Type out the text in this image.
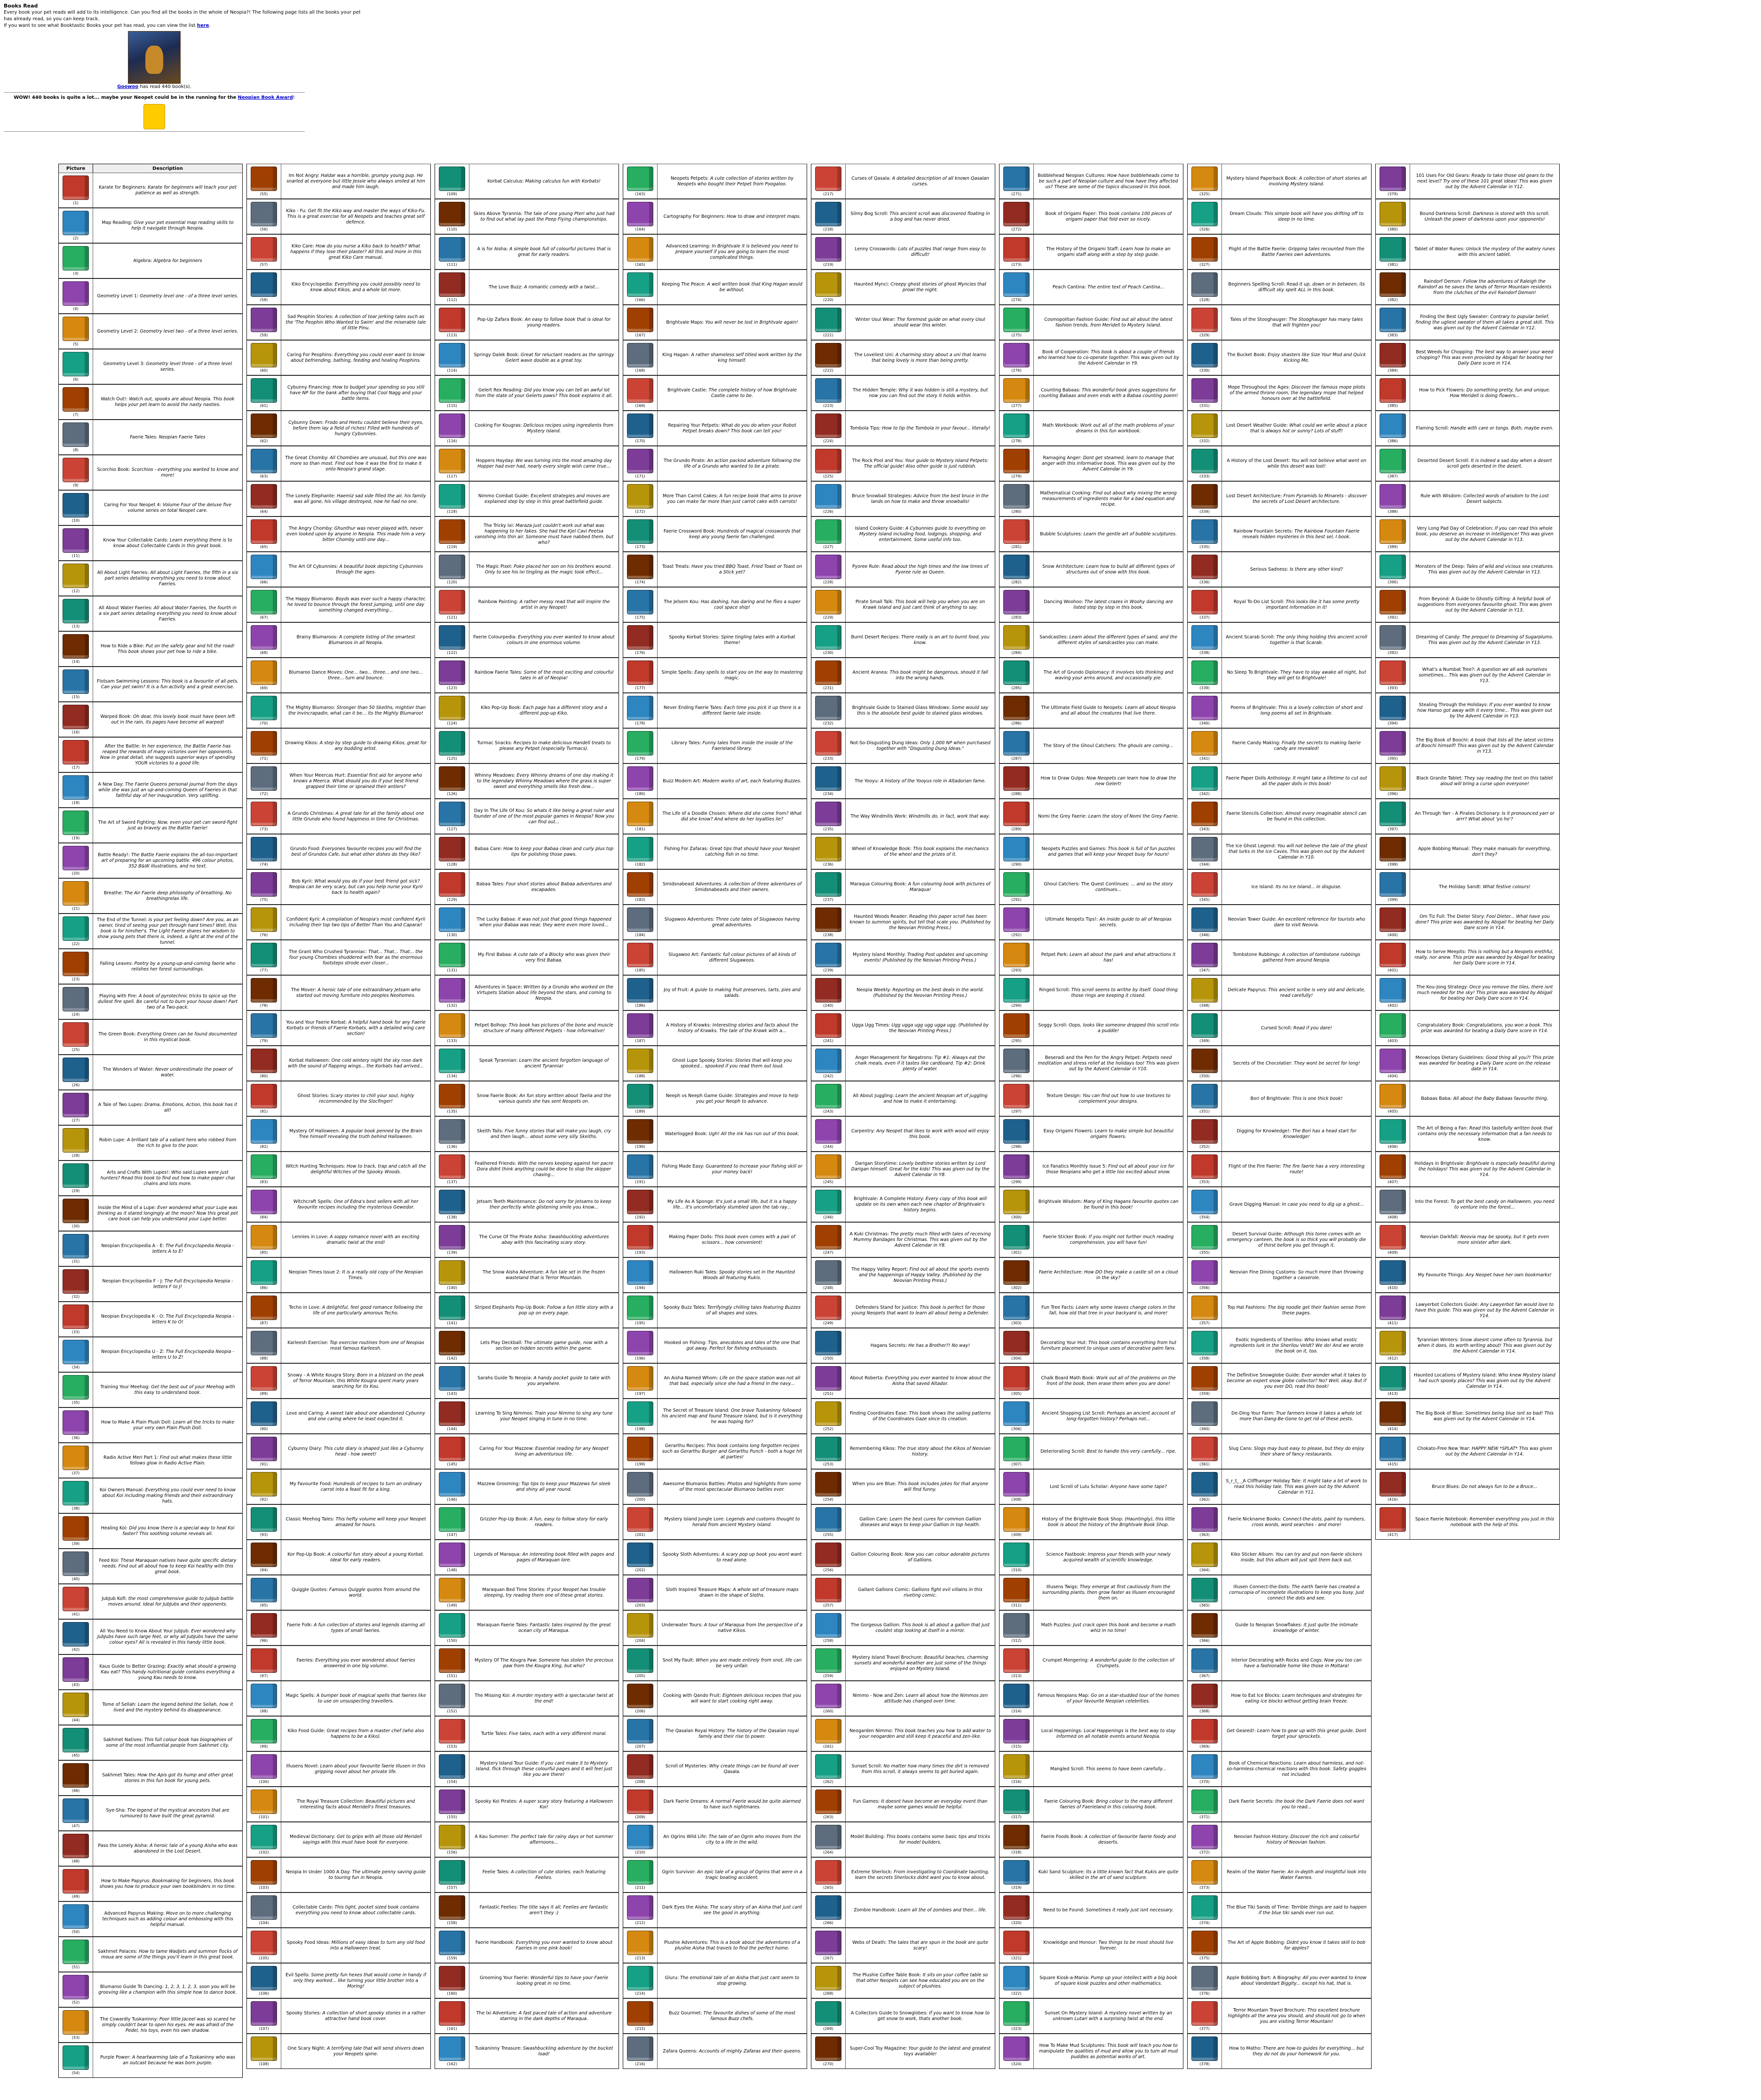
Books Read
Every book your pet reads will add to its intelligence. Can you find all the books in the whole of Neopia?! The following page lists all the books your pet has already read, so you can keep track.
If you want to see what Booktastic Books your pet has read, you can view the list here.
Goowoo has read 440 book(s).
WOW! 440 books is quite a lot... maybe your Neopet could be in the running for the Neopian Book Award!
Picture	Description
(1)
Karate for Beginners: Karate for beginners will teach your pet patience as well as strength.
(2)
Map Reading: Give your pet essential map reading skills to help it navigate through Neopia.
(3)
Algebra: Algebra for beginners
(4)
Geometry Level 1: Geometry level one - of a three level series.
(5)
Geometry Level 2: Geometry level two - of a three level series.
(6)
Geometry Level 3: Geometry level three - of a three level series.
(7)
Watch Out!: Watch out, spooks are about Neopia. This book helps your pet learn to avoid the nasty nasties.
(8)
Faerie Tales: Neopian Faerie Tales
(9)
Scorchio Book: Scorchios - everything you wanted to know and more!
(10)
Caring For Your Neopet 4: Volume Four of the deluxe five volume series on total Neopet care.
(11)
Know Your Collectable Cards: Learn everything there is to know about Collectable Cards in this great book.
(12)
All About Light Faeries: All about Light Faeries, the fifth in a six part series detailing everything you need to know about Faeries.
(13)
All About Water Faeries: All about Water Faeries, the fourth in a six part series detailing everything you need to know about Faeries.
(14)
How to Ride a Bike: Put on the safety gear and hit the road! This book shows your pet how to ride a bike.
(15)
Flotsam Swimming Lessons: This book is a favourite of all pets. Can your pet swim? It is a fun activity and a great exercise.
(16)
Warped Book: Oh dear, this lovely book must have been left out in the rain, its pages have become all warped!
(17)
After the Battle: In her experience, the Battle Faerie has reaped the rewards of many victories over her opponents. Now in great detail, she suggests superior ways of spending YOUR victories to a good life.
(18)
A New Day: The Faerie Queens personal journal from the days while she was just an up-and-coming Queen of Faeries in that faithful day of her inauguration. Very uplifting.
(19)
The Art of Sword Fighting: Now, even your pet can sword-fight just as bravely as the Battle Faerie!
(20)
Battle Ready!: The Battle Faerie explains the all-too-important art of preparing for an upcoming battle. 496 colour photos, 352 B&W illustrations, and no text.
(21)
Breathe: The Air Faerie deep philosophy of breathing. No breathingrelax life.
(22)
The End of the Tunnel: Is your pet feeling down? Are you, as an owner, tired of seeing your pet through hard times? Well, this book is for him/her's. The Light Faerie shares her wisdom to show young pets that there is, indeed, a light at the end of the tunnel.
(23)
Falling Leaves: Poetry by a young-up-and-coming faerie who relishes her forest surroundings.
(24)
Playing with Fire: A book of pyrotechnic tricks to spice up the dullest fire spell. Be careful not to burn your house down! Part two of a Two-pack.
(25)
The Green Book: Everything Green can be found documented in this mystical book.
(26)
The Wonders of Water: Never underestimate the power of water.
(27)
A Tale of Two Lupes: Drama, Emotions, Action, this book has it all!
(28)
Robin Lupe: A brilliant tale of a valiant hero who robbed from the rich to give to the poor.
(29)
Arts and Crafts With Lupes!: Who said Lupes were just hunters? Read this book to find out how to make paper chai chains and lots more.
(30)
Inside the Mind of a Lupe: Ever wondered what your Lupe was thinking as it stared longingly at the moon? Now this great pet care book can help you understand your Lupe better.
(31)
Neopian Encyclopedia A - E: The Full Encyclopedia Neopia - letters A to E!
(32)
Neopian Encyclopedia F - J: The Full Encyclopedia Neopia - letters F to J!
(33)
Neopian Encyclopedia K - O: The Full Encyclopedia Neopia - letters K to O!
(34)
Neopian Encyclopedia U - Z: The Full Encyclopedia Neopia - letters U to Z!
(35)
Training Your Meehog: Get the best out of your Meehog with this easy to understand book.
(36)
How to Make A Plain Plush Doll: Learn all the tricks to make your very own Plain Plush Doll.
(37)
Radio Active Meri Part 1: Find out what makes these little fellows glow in Radio Active Plain.
(38)
Koi Owners Manual: Everything you could ever need to know about Koi including making friends and their extraordinary hats.
(39)
Healing Koi: Did you know there is a special way to heal Koi faster? This soothing volume reveals all.
(40)
Feed Koi: These Maraquan natives have quite specific dietary needs. Find out all about how to keep Koi healthy with this great book.
(41)
JubJub Kofi: the most comprehensive guide to JubJub battle moves around. Ideal for JubJubs and their opponents.
(42)
All You Need to Know About Your JubJub: Ever wondered why JubJubs have such large feet, or why all JubJubs have the same colour eyes? All is revealed in this handy little book.
(43)
Kaus Guide to Better Grazing: Exactly what should a growing Kau eat? This handy nutritional guide contains everything a young Kau needs to know.
(44)
Tome of Sellah: Learn the legend behind the Sellah, how it lived and the mystery behind its disappearance.
(45)
Sakhmet Natives: This full colour book has biographies of some of the most influential people from Sakhmet city.
(46)
Sakhmet Tales: How the Apis got its hump and other great stories in this fun book for young pets.
(47)
Sye-Sha: The legend of the mystical ancestors that are rumoured to have built the great pyramid.
(48)
Paso the Lonely Aisha: A heroic tale of a young Aisha who was abandoned in the Lost Desert.
(49)
How to Make Papyrus: Bookmaking for beginners, this book shows you how to produce your own bookbinders in no time.
(50)
Advanced Papyrus Making: Move on to more challenging techniques such as adding colour and embossing with this helpful manual.
(51)
Sakhmet Palaces: How to tame Wadjets and summon flocks of moua are some of the things you'll learn in this great book.
(52)
Blumaroo Guide To Dancing: 1, 2, 3, 1, 2, 3, soon you will be grooving like a champion with this simple how to dance book.
(53)
The Cowardly Tuskaninny: Poor little Jaceel was so scared he simply couldn't bear to open his eyes. He was afraid of the Pedel, his toys, even his own shadow.
(54)
Purple Power: A heartwarming tale of a Tuskaninny who was an outcast because he was born purple.
(55)
Im Not Angry: Haldar was a horrible, grumpy young pup. He snarled at everyone but little Jessie who always smiled at him and made him laugh.
(56)
Kiko - Fu: Get fit the Kiko way and master the ways of Kiko-Fu. This is a great exercise for all Neopets and teaches great self defence.
(57)
Kiko Care: How do you nurse a Kiko back to health? What happens if they lose their plaster? All this and more in this great Kiko Care manual.
(58)
Kiko Encyclopedia: Everything you could possibly need to know about Kikos, and a whole lot more.
(59)
Sad Peophin Stories: A collection of tear jerking tales such as the 'The Peophin Who Wanted to Swim' and the miserable tale of little Pinu.
(60)
Caring For Peophins: Everything you could ever want to know about befriending, bathing, feeding and healing Peophins.
(61)
Cybunny Financing: How to budget your spending so you still have NP for the bank after buying that Cool Nagg and your battle items.
(62)
Cybunny Down: Frodo and Heetu couldnt believe their eyes, before them lay a field of riches! Filled with hundreds of hungry Cybunnies.
(63)
The Great Chomby: All Chombies are unusual, but this one was more so than most. Find out how it was the first to make it onto Neopia's grand stage.
(64)
The Lonely Elephante: Haemiz sad side filled the air, his family was all gone, his village destroyed, now he had no one.
(65)
The Angry Chomby: Ghunthur was never played with, never even looked upon by anyone in Neopia. This made him a very bitter Chomby until one day...
(66)
The Art Of Cybunnies: A beautiful book depicting Cybunnies through the ages.
(67)
The Happy Blumaroo: Boyds was ever such a happy character, he loved to bounce through the forest jumping, until one day something changed everything...
(68)
Brainy Blumaroos: A complete listing of the smartest Blumaroos in all Neopia.
(69)
Blumaroo Dance Moves: One... two... three... and one two... three... turn and bounce.
(70)
The Mighty Blumaroo: Stronger than 50 Skeiths, mightier than the Invincrapadin, what can it be... its the Mighty Blumaroo!
(71)
Drawing Kikos: A step by step guide to drawing Kikos, great for any budding artist.
(72)
When Your Meercas Hurt: Essential first aid for anyone who knows a Meerca. What should you do if your best friend grapped their time or sprained their antlers?
(73)
A Grundo Christmas: A great tale for all the family about one little Grundo who found happiness in time for Christmas.
(74)
Grundo Food: Everyones favourite recipes you will find the best of Grundos Cafe, but what other dishes do they like?
(75)
Bob Kyrii: What would you do if your best friend got sick? Neopia can be very scary, but can you help nurse your Kyrii back to health again?
(76)
Confident Kyrii: A compilation of Neopia's most confident Kyrii including their top two tips of Better Than You and Caparai!
(77)
The Grant Who Crushed Tyranniac: That... That... That... the four young Chombies shuddered with fear as the enormous footsteps strode ever closer...
(78)
The Mover: A heroic tale of one extraordinary Jetsam who started out moving furniture into peoples Neohomes.
(79)
You and Your Faerie Korbat: A helpful hand book for any Faerie Korbats or friends of Faerie Korbats, with a detailed wing care section!
(80)
Korbat Halloween: One cold wintery night the sky rose dark with the sound of flapping wings... the Korbats had arrived...
(81)
Ghost Stories: Scary stories to chill your soul, highly recommended by the Slocfinger!
(82)
Mystery Of Halloween: A popular book penned by the Brain Tree himself revealing the truth behind Halloween.
(83)
Witch Hunting Techniques: How to track, trap and catch all the delightful Witches of the Spooky Woods.
(84)
Witchcraft Spells: One of Edna's best sellers with all her favourite recipes including the mysterious Gewedor.
(85)
Lennies in Love: A soppy romance novel with an exciting dramatic twist at the end!
(86)
Neopian Times Issue 2: It is a really old copy of the Neopian Times.
(87)
Techo in Love: A delightful, feel good romance following the life of one particularly amorous Techo.
(88)
Karleesh Exercise: Top exercise routines from one of Neopias most famous Karleesh.
(89)
Snowy - A White Kougra Story: Born in a blizzard on the peak of Terror Mountain, this White Kougra spent many years searching for its Kou.
(90)
Love and Caring: A sweet tale about one abandoned Cybunny and one caring where he least expected it.
(91)
Cybunny Diary: This cute diary is shaped just like a Cybunny head - how sweet!
(92)
My Favourite Food: Hundreds of recipes to turn an ordinary carrot into a feast fit for a king.
(93)
Classic Meehog Tales: This hefty volume will keep your Neopet amazed for hours.
(94)
Kor Pop-Up Book: A colourful fun story about a young Korbat. Ideal for early readers.
(95)
Quiggle Quotes: Famous Quiggle quotes from around the world.
(96)
Faerie Folk: A fun collection of stories and legends starring all types of small faeries.
(97)
Faeries: Everything you ever wondered about faeries answered in one big volume.
(98)
Magic Spells: A bumper book of magical spells that faeries like to use on unsuspecting travellers.
(99)
Kiko Food Guide: Great recipes from a master chef (who also happens to be a Kiko).
(100)
Illusens Novel: Learn about your favourite faerie Illusen in this gripping novel about her private life.
(101)
The Royal Treasure Collection: Beautiful pictures and interesting facts about Meridell's finest treasures.
(102)
Medieval Dictionary: Get to grips with all those old Meridell sayings with this must have book for everyone.
(103)
Neopia In Under 1000 A Day: The ultimate penny saving guide to touring fun in Neopia.
(104)
Collectable Cards: This tight, pocket sized book contains everything you need to know about collectable cards.
(105)
Spooky Food Ideas: Millions of easy ideas to turn any old food into a Halloween treat.
(106)
Evil Spells: Some pretty fun hexes that would come in handy if only they worked... like turning your little brother into a Moring!
(107)
Spooky Stories: A collection of short spooky stories in a rather attractive hand book cover.
(108)
One Scary Night: A terrifying tale that will send shivers down your Neopets spine.
(109)
Korbat Calculus: Making calculus fun with Korbats!
(110)
Skies Above Tyrannia: The tale of one young Pteri who just had to find out what lay past the Peep Flying championships.
(111)
A is for Aisha: A simple book full of colourful pictures that is great for early readers.
(112)
The Love Buzz: A romantic comedy with a twist...
(113)
Pop-Up Zafara Book: An easy to follow book that is ideal for young readers.
(114)
Springy Dalek Book: Great for reluctant readers as the springy Gelert wave double as a great toy.
(115)
Gelert Rex Reading: Did you know you can tell an awful lot from the state of your Gelerts paws? This book explains it all.
(116)
Cooking For Kougras: Delicious recipes using ingredients from Mystery Island.
(117)
Hoppers Hayday: We was turning into the most amazing day Hopper had ever had, nearly every single wish came true...
(118)
Nimmo Combat Guide: Excellent strategies and moves are explained step by step in this great battlefield guide.
(119)
The Tricky Ixi: Maraza just couldn't work out what was happening to her fakes. She had the Kjel Cavi Peetsa vanishing into thin air. Someone must have nabbed them, but who?
(120)
The Magic Pixel: Poke placed her son on his brothers wound. Only to see his Ixi tingling as the magic took effect...
(121)
Rainbow Painting: A rather messy read that will inspire the artist in any Neopet!
(122)
Faerie Colourpedia: Everything you ever wanted to know about colours in one enormous volume.
(123)
Rainbow Faerie Tales: Some of the most exciting and colourful tales in all of Neopia!
(124)
Kiko Pop-Up Book: Each page has a different story and a different pop-up Kiko.
(125)
Turmac Snacks: Recipes to make delicious Handell treats to please any Petpet (especially Turmacs).
(126)
Whinny Meadows: Every Whinny dreams of one day making it to the legendary Whinny Meadows where the grass is super sweet and everything smells like fresh dew...
(127)
Day In The Life Of Kou: So whats it like being a great ruler and founder of one of the most popular games in Neopia? Now you can find out...
(128)
Babaa Care: How to keep your Babaa clean and curly plus top tips for polishing those paws.
(129)
Babaa Tales: Four short stories about Babaa adventures and escapades.
(130)
The Lucky Babaa: It was not just that good things happened when your Babaa was near, they were even more loved...
(131)
My First Babaa: A cute tale of a Blocky who was given their very first Babaa.
(132)
Adventures in Space: Written by a Grundo who worked on the Virtupets Station about life beyond the stars, and coming to Neopia.
(133)
Petpet Bolhop: This book has pictures of the bone and muscle structure of many different Petpets - how informative!
(134)
Speak Tyrannian: Learn the ancient forgotten language of ancient Tyrannia!
(135)
Snow Faerie Book: An fun story written about Taelia and the various quests she has sent Neopets on.
(136)
Skeith Tails: Five funny stories that will make you laugh, cry and then laugh... about some very silly Skeiths.
(137)
Feathered Friends: With the nerves keeping against her pacre Dora didnt think anything could be done to stop the skipper chasing...
(138)
Jetsam Teeth Maintenance: Do not sorry for Jetsams to keep their perfectly white glistening smile you know...
(139)
The Curse Of The Pirate Aisha: Swashbuckling adventures abay with this fascinating scary story.
(140)
The Snow Aisha Adventure: A fun tale set in the frozen wasteland that is Terror Mountain.
(141)
Striped Elephants Pop-Up Book: Follow a fun little story with a pop up on every page.
(142)
Lets Play Deckball: The ultimate game guide, now with a section on hidden secrets within the game.
(143)
Sarahs Guide To Neopia: A handy pocket guide to take with you anywhere.
(144)
Learning To Sing Nimmos: Train your Nimmo to sing any tune your Neopet singing in tune in no time.
(145)
Caring For Your Mazzew: Essential reading for any Neopet living an adventurous life.
(146)
Mazzew Grooming: Top tips to keep your Mazzews fur sleek and shiny all year round.
(147)
Grizzler Pop-Up Book: A fun, easy to follow story for early readers.
(148)
Legends of Maraqua: An interesting book filled with pages and pages of Maraquan lore.
(149)
Maraquan Bed Time Stories: If your Neopet has trouble sleeping, try reading them one of these great stories.
(150)
Maraquan Faerie Tales: Fantastic tales inspired by the great ocean city of Maraqua.
(151)
Mystery Of The Kougra Paw: Someone has stolen the precious paw from the Kougra King, but who?
(152)
The Missing Koi: A murder mystery with a spectacular twist at the end!
(153)
Turtle Tales: Five tales, each with a very different moral.
(154)
Mystery Island Tour Guide: If you cant make it to Mystery Island, flick through these colourful pages and it will feel just like you are there!
(155)
Spooky Koi Pirates: A super scary story featuring a Halloween Koi!
(156)
A Kau Summer: The perfect tale for rainy days or hot summer afternoons...
(157)
Feelie Tales: A collection of cute stories, each featuring Feelies.
(158)
Fantastic Feelies: The title says it all, Feelies are fantastic aren't they :)
(159)
Faerie Handbook: Everything you ever wanted to know about Faeries in one pink book!
(160)
Grooming Your Faerie: Wonderful tips to have your Faerie looking great in no time.
(161)
The Ixi Adventure: A fast paced tale of action and adventure starring in the dark depths of Maraqua.
(162)
Tuskaninny Treasure: Swashbuckling adventure by the bucket load!
(163)
Neopets Petpets: A cute collection of stories written by Neopets who bought their Petpet from Poogaloo.
(164)
Cartography For Beginners: How to draw and interpret maps.
(165)
Advanced Learning: In Brightvale it is believed you need to prepare yourself if you are going to learn the most complicated things.
(166)
Keeping The Peace: A well written book that King Hagan would be without.
(167)
Brightvale Maps: You will never be lost in Brightvale again!
(168)
King Hagan: A rather shameless self titled work written by the king himself.
(169)
Brightvale Castle: The complete history of how Brightvale Castle came to be.
(170)
Repairing Your Petpets: What do you do when your Robot Petpet breaks down? This book can tell you!
(171)
The Grundo Pirate: An action packed adventure following the life of a Grundo who wanted to be a pirate.
(172)
More Than Carrot Cakes: A fun recipe book that aims to prove you can make far more than just carrot cake with carrots!
(173)
Faerie Crossword Book: Hundreds of magical crosswords that keep any young faerie fan challenged.
(174)
Toast Treats: Have you tried BBQ Toast, Fried Toast or Toast on a Stick yet?
(175)
The Jelsem Kou: Has dashing, has daring and he flies a super cool space ship!
(176)
Spooky Korbat Stories: Spine tingling tales with a Korbat theme!
(177)
Simple Spells: Easy spells to start you on the way to mastering magic.
(178)
Never Ending Faerie Tales: Each time you pick it up there is a different faerie tale inside.
(179)
Library Tales: Funny tales from inside the inside of the Faerieland library.
(180)
Buzz Modern Art: Modern works of art, each featuring Buzzes.
(181)
The Life of a Doodle Chosen: Where did she come from? What did she know? And where do her loyalties lie?
(182)
Fishing For Zafaras: Great tips that should have your Neopet catching fish in no time.
(183)
Smidsnabeast Adventures: A collection of three adventures of Smidsnabeasts and their owners.
(184)
Slugawoo Adventures: Three cute tales of Slugawoos having great adventures.
(185)
Slugawoo Art: Fantastic full colour pictures of all kinds of different Slugawoos.
(186)
Joy of Fruit: A guide to making fruit preserves, tarts, pies and salads.
(187)
A History of Krawks: Interesting stories and facts about the history of Krawks. The tale of the Krawk with a...
(188)
Ghost Lupe Spooky Stories: Stories that will keep you spooked... spooked if you read them out loud.
(189)
Neeph vs Neeph Game Guide: Strategies and move to help you get your Neoph to advance.
(190)
Waterlogged Book: Ugh! All the ink has run out of this book.
(191)
Fishing Made Easy: Guaranteed to increase your fishing skill or your money back!
(192)
My Life As A Sponge: It's just a small life, but it is a happy life... it's uncomfortably stumbled upon the tab ray...
(193)
Making Paper Dolls: This book even comes with a pair of scissors... how convenient!
(194)
Halloween Ruki Tales: Spooky stories set in the Haunted Woods all featuring Rukis.
(195)
Spooky Buzz Tales: Terrifyingly chilling tales featuring Buzzes of all shapes and sizes.
(196)
Hooked on Fishing: Tips, anecdotes and tales of the one that got away. Perfect for fishing enthusiasts.
(197)
An Aisha Named Whom: Life on the space station was not all that bad, especially since she had a friend in the navy...
(198)
The Secret of Treasure Island: One brave Tuskaninny followed his ancient map and found Treasure Island, but is it everything he was hoping for?
(199)
Gerarthu Recipes: This book contains long forgotten recipes such as Gerarthu Burger and Gerarthu Punch - both a huge hit at parties!
(200)
Awesome Blumaroo Battles: Photos and highlights from some of the most spectacular Blumaroo battles ever.
(201)
Mystery Island Jungle Lore: Legends and customs thought to herald from ancient Mystery Island.
(202)
Spooky Sloth Adventures: A scary pop up book you wont want to read alone.
(203)
Sloth Inspired Treasure Maps: A whole set of treasure maps drawn in the shape of Sloths.
(204)
Underwater Tours: A tour of Maraqua from the perspective of a native Kikos.
(205)
Snot My Fault: When you are made entirely from snot, life can be very unfair.
(206)
Cooking with Qando Fruit: Eighteen delicious recipes that you will want to start cooking right away.
(207)
The Qasalan Royal History: The history of the Qasalan royal family and their rise to power.
(208)
Scroll of Mysteries: Why create things can be found all over Qasala.
(209)
Dark Faerie Dreams: A normal Faerie would be quite alarmed to have such nightmares.
(210)
An Ogrins Wild Life: The tale of an Ogrin who moves from the city to a life in the wild.
(211)
Ogrin Survivor: An epic tale of a group of Ogrins that were in a tragic boating accident.
(212)
Dark Eyes the Aisha: The scary story of an Aisha that just cant see the good in anything.
(213)
Plushie Adventures: This is a book about the adventures of a plushie Aisha that travels to find the perfect home.
(214)
Gluru: The emotional tale of an Aisha that just cant seem to stop growing.
(215)
Buzz Gourmet: The favourite dishes of some of the most famous Buzz chefs.
(216)
Zafara Queens: Accounts of mighty Zafaras and their queens.
(217)
Curses of Qasala: A detailed description of all known Qasalan curses.
(218)
Slimy Bog Scroll: This ancient scroll was discovered floating in a bog and has never dried.
(219)
Lenny Crosswords: Lots of puzzles that range from easy to difficult!
(220)
Haunted Mynci: Creepy ghost stories of ghost Myncies that prowl the night.
(221)
Winter Usul Wear: The foremost guide on what every Usul should wear this winter.
(222)
The Loveliest Uni: A charming story about a uni that learns that being lovely is more than being pretty.
(223)
The Hidden Temple: Why it was hidden is still a mystery, but now you can find out the story it holds within.
(224)
Tombola Tips: How to tip the Tombola in your favour... literally!
(225)
The Rock Pool and You: Your guide to Mystery Island Petpets: The official guide! Also other guide is just rubbish.
(226)
Bruce Snowball Strategies: Advice from the best bruce in the lands on how to make and throw snowballs!
(227)
Island Cookery Guide: A Cybunnies guide to everything on Mystery Island including food, lodgings, shopping, and entertainment. Some useful info too.
(228)
Pyoree Rule: Read about the high times and the low times of Pyoree rule as Queen.
(229)
Pirate Small Talk: This book will help you when you are on Krawk Island and just cant think of anything to say.
(230)
Burnt Desert Recipes: There really is an art to burnt food, you know.
(231)
Ancient Aranea: This book might be dangerous, should it fall into the wrong hands.
(232)
Brightvale Guide to Stained Glass Windows: Some would say this is the absolute best guide to stained glass windows.
(233)
Not-So-Disgusting Dung Ideas: Only 1,000 NP when purchased together with "Disgusting Dung Ideas."
(234)
The Yooyu: A history of the Yooyus role in Altadorian fame.
(235)
The Way Windmills Work: Windmills do, in fact, work that way.
(236)
Wheel of Knowledge Book: This book explains the mechanics of the wheel and the prizes of it.
(237)
Maraqua Colouring Book: A fun colouring book with pictures of Maraqua!
(238)
Haunted Woods Reader: Reading this paper scroll has been known to summon spirits, but tell that scale you. (Published by the Neovian Printing Press.)
(239)
Mystery Island Monthly: Trading Post updates and upcoming events! (Published by the Neovian Printing Press.)
(240)
Neopia Weekly: Reporting on the best deals in the world. (Published by the Neovian Printing Press.)
(241)
Ugga Ugg Times: Ugg ugga ugg ugg ugga ugg. (Published by the Neovian Printing Press.)
(242)
Anger Management for Negatrons: Tip #1: Always eat the chalk meals, even if it tastes like cardboard. Tip #2: Drink plenty of water.
(243)
All About Juggling: Learn the ancient Neopian art of juggling and how to make it entertaining.
(244)
Carpentry: Any Neopet that likes to work with wood will enjoy this book.
(245)
Darigan Storytime: Lovely bedtime stories written by Lord Darigan himself. Great for the kids! This was given out by the Advent Calendar in Y8.
(246)
Brightvale: A Complete History: Every copy of this book will update on its own when each new chapter of Brightvale's history begins.
(247)
A Kuki Christmas: The pretty much filled with tales of receiving Mummy Bandages for Christmas. This was given out by the Advent Calendar in Y8.
(248)
The Happy Valley Report: Find out all about the sports events and the happenings of Happy Valley. (Published by the Neovian Printing Press.)
(249)
Defenders Stand for Justice: This book is perfect for those young Neopets that want to learn all about being a Defender.
(250)
Hagans Secrets: He has a Brother?! No way!
(251)
About Roberta: Everything you ever wanted to know about the Aisha that saved Altador.
(252)
Finding Coordinates Ease: This book shows the sailing patterns of the Coordinates Gaze since its creation.
(253)
Remembering Kikos: The true story about the Kikos of Neovian history.
(254)
When you are Blue: This book includes jokes for that anyone will find funny.
(255)
Gallion Care: Learn the best cures for common Gallion diseases and ways to keep your Gallion in top health.
(256)
Gallion Colouring Book: Now you can colour adorable pictures of Gallions.
(257)
Gallant Gallions Comic: Gallions fight evil villains in this riveting comic.
(258)
The Gorgeous Gallion: This book is all about a gallion that just couldnt stop looking at itself in a mirror.
(259)
Mystery Island Travel Brochure: Beautiful beaches, charming sunsets and wonderful weather are just some of the things enjoyed on Mystery Island.
(260)
Nimmo - Now and Zen: Learn all about how the Nimmos zen attitude has changed over time.
(261)
Neogarden Nimmo: This book teaches you how to add water to your neogarden and still keep it peaceful and zen-like.
(262)
Sunset Scroll: No matter how many times the dirt is removed from this scroll, it always seems to get buried again.
(263)
Fun Games: It doesnt have become an everyday event than maybe some games would be helpful.
(264)
Model Building: This books contains some basic tips and tricks for model builders.
(265)
Extreme Sherlock: From investigating to Coordinate taunting, learn the secrets Sherlocks didnt want you to know about.
(266)
Zombie Handbook: Learn all the of zombies and their... life.
(267)
Webs of Death: The tales that are spun in the book are quite scary!
(268)
The Plushie Coffee Table Book: It sits on your coffee table so that other Neopets can see how educated you are on the subject of plushies.
(269)
A Collectors Guide to Snowglobes: If you want to know how to get snow to work, thats another book.
(270)
Super-Cool Toy Magazine: Your guide to the latest and greatest toys available!
(271)
Bobblehead Neopian Cultures: How have bobbleheads come to be such a part of Neopian culture and how have they affected us? These are some of the topics discussed in this book.
(272)
Book of Origami Paper: This book contains 100 pieces of origami paper that fold ever so nicely.
(273)
The History of the Origami Staff: Learn how to make an origami staff along with a step by step guide.
(274)
Peach Cantina: The entire text of Peach Cantina...
(275)
Cosmopolitan Fashion Guide: Find out all about the latest fashion trends, from Meridell to Mystery Island.
(276)
Book of Cooperation: This book is about a couple of friends who learned how to co-operate together. This was given out by the Advent Calendar in Y9.
(277)
Counting Babaas: This wonderful book gives suggestions for counting Babaas and even ends with a Babaa counting poem!
(278)
Math Workbook: Work out all of the math problems of your dreams in this fun workbook.
(279)
Ramaging Anger: Dont get steamed, learn to manage that anger with this informative book. This was given out by the Advent Calendar in Y9.
(280)
Mathematical Cooking: Find out about why mixing the wrong measurements of ingredients make for a bad equation and recipe.
(281)
Bubble Sculptures: Learn the gentle art of bubble sculptures.
(282)
Snow Architecture: Learn how to build all different types of structures out of snow with this book.
(283)
Dancing Woohoo: The latest crazes in Woohy dancing are listed step by step in this book.
(284)
Sandcastles: Learn about the different types of sand, and the different styles of sandcastles you can make.
(285)
The Art of Grundo Diplomacy: It involves lots thinking and waving your arms around, and occasionally pie.
(286)
The Ultimate Field Guide to Neopets: Learn all about Neopia and all about the creatures that live there.
(287)
The Story of the Ghoul Catchers: The ghouls are coming...
(288)
How to Draw Gulps: Now Neopets can learn how to draw the new Gelert!
(289)
Nomi the Grey Faerie: Learn the story of Nomi the Grey Faerie.
(290)
Neopets Puzzles and Games: This book is full of fun puzzles and games that will keep your Neopet busy for hours!
(291)
Ghoul Catchers: The Quest Continues: ... and so the story continues...
(292)
Ultimate Neopets Tips!: An inside guide to all of Neopias secrets.
(293)
Petpet Park: Learn all about the park and what attractions it has!
(294)
Ringed Scroll: This scroll seems to writhe by itself. Good thing those rings are keeping it closed.
(295)
Soggy Scroll: Oops, looks like someone dropped this scroll into a puddle!
(296)
Beseradi and the Pen for the Angry Petpet: Petpets need meditation and stress relief at the holidays too! This was given out by the Advent Calendar in Y10.
(297)
Texture Design: You can find out how to use textures to complement your designs.
(298)
Easy Origami Flowers: Learn to make simple but beautiful origami flowers.
(299)
Ice Fanatics Monthly Issue 5: Find out all about your ice for those Neopians who get a little too excited about snow.
(300)
Brightvale Wisdom: Many of King Hagans favourite quotes can be found in this book!
(301)
Faerie Sticker Book: If you might not further much reading comprehension, you will have fun!
(302)
Faerie Architecture: How DO they make a castle sit on a cloud in the sky?
(303)
Fun Tree Facts: Learn why some leaves change colors in the fall, how old that tree in your backyard is, and more!
(304)
Decorating Your Hut: This book contains everything from hut furniture placement to unique uses of decorative palm fans.
(305)
Chalk Board Math Book: Work out all of the problems on the front of the book, then erase them when you are done!
(306)
Ancient Shopping List Scroll: Perhaps an ancient account of long-forgotten history? Perhaps not...
(307)
Deteriorating Scroll: Best to handle this very carefully... ripe.
(308)
Lost Scroll of Lulu Scholar: Anyone have some tape?
(309)
History of the Brightvale Book Shop: (Hauntingly), this little book is about the history of the Brightvale Book Shop.
(310)
Science Fastbook: Impress your friends with your newly acquired wealth of scientific knowledge.
(311)
Illusens Twigs: They emerge at first cautiously from the surrounding plants, then grow faster as Illusen encouraged them on.
(312)
Math Puzzles: Just crack open this book and become a math whiz in no time!
(313)
Crumpet Mongering: A wonderful guide to the collection of Crumpets.
(314)
Famous Neopians Map: Go on a star-studded tour of the homes of your favourite Neopian celebrities.
(315)
Local Happenings: Local Happenings is the best way to stay informed on all notable events around Neopia.
(316)
Mangled Scroll: This seems to have been carefully...
(317)
Faerie Colouring Book: Bring colour to the many different faeries of Faerieland in this colouring book.
(318)
Faerie Foods Book: A collection of favourite faerie foody and desserts.
(319)
Kuki Sand Sculpture: Its a little known fact that Kukis are quite skilled in the art of sand sculpture.
(320)
Need to be Found: Sometimes it really just isnt necessary.
(321)
Knowledge and Honour: Two things to be most should live forever.
(322)
Square Kiosk-a-Mania: Pump up your intellect with a big book of square kiosk puzzles and other mathematics.
(323)
Sunset On Mystery Island: A mystery novel written by an unknown Lutari with a surprising twist at the end.
(324)
How To Make Mud Sculptures: This book will teach you how to manipulate the qualities of mud and allow you to turn all mud puddles as potential works of art.
(325)
Mystery Island Paperback Book: A collection of short stories all involving Mystery Island.
(326)
Dream Clouds: This simple book will have you drifting off to sleep in no time.
(327)
Plight of the Battle Faerie: Gripping tales recounted from the Battle Faeries own adventures.
(328)
Beginners Spelling Scroll: Read it up, down or in between, its difficult sky spelt ALL in this book.
(329)
Tales of the Stooghauger: The Stooghauger has many tales that will frighten you!
(330)
The Bucket Book: Enjoy shasters like Size Your Mod and Quick Kicking Me.
(331)
Mope Throughout the Ages: Discover the famous mope pilots of the armed throne room, the legendary mope that helped honours over at the battlefield.
(332)
Lost Desert Weather Guide: What could we write about a place that is always hot or sunny? Lots of stuff!
(333)
A History of the Lost Desert: You will not believe what went on while this desert was lost!
(334)
Lost Desert Architecture: From Pyramids to Minarets - discover the secrets of Lost Desert architecture.
(335)
Rainbow Fountain Secrets: The Rainbow Fountain Faerie reveals hidden mysteries in this best sel, I book.
(336)
Serious Sadness: Is there any other kind?
(337)
Royal To-Do List Scroll: This looks like it has some pretty important information in it!
(338)
Ancient Scarab Scroll: The only thing holding this ancient scroll together is that Scarab.
(339)
No Sleep To Brightvale: They have to stay awake all night, but they will get to Brightvale!
(340)
Poems of Brightvale: This is a lovely collection of short and long poems all set in Brightvale.
(341)
Faerie Candy Making: Finally the secrets to making faerie candy are revealed!
(342)
Faerie Paper Dolls Anthology: It might take a lifetime to cut out all the paper dolls in this book!
(343)
Faerie Stencils Collection: Almost every imaginable stencil can be found in this collection.
(344)
The Ice Ghost Legend: You will not believe the tale of the ghost that lurks in the Ice Caves. This was given out by the Advent Calendar in Y10.
(345)
Ice Island: Its no Ice Island... in disguise.
(346)
Neovian Tower Guide: An excellent reference for tourists who dare to visit Neovia.
(347)
Tombstone Rubbings: A collection of tombstone rubbings gathered from around Neopia.
(348)
Delicate Papyrus: This ancient scribe is very old and delicate, read carefully!
(349)
Cursed Scroll: Read if you dare!
(350)
Secrets of the Chocolatier: They wont be secret for long!
(351)
Bori of Brightvale: This is one thick book!
(352)
Digging for Knowledge!: The Bori has a head start for Knowledge!
(353)
Flight of the Fire Faerie: The fire faerie has a very interesting route!
(354)
Grave Digging Manual: In case you need to dig up a ghost...
(355)
Desert Survival Guide: Although this tome comes with an emergency canteen, the book is so thick you will probably die of thirst before you get through it.
(356)
Neovian Fine Dining Customs: So much more than throwing together a casserole.
(357)
Top Hat Fashions: The big noodle get their fashion sense from these pages.
(358)
Exotic Ingredients of Sherilou: Who knows what exotic ingredients lurk in the Sherilou Veldt? We do! And we wrote the book on it, too.
(359)
The Definitive Snowglobe Guide: Ever wonder what it takes to become an expert snow globe collector? No? Well, okay. But if you ever DO, read this book!
(360)
De-Ding Your Farm: True farmers know it takes a whole lot more than Dang-Be-Gone to get rid of these pests.
(361)
Slug Cans: Slogs may bust easy to please, but they do enjoy their share of fancy restaurants.
(362)
S_r_t_ _A Cliffhanger Holiday Tale: It might take a bit of work to read this holiday tale. This was given out by the Advent Calendar in Y11.
(363)
Faerie Nickname Books: Connect-the-dots, paint by numbers, cross words, word searches - and more!
(364)
Kiko Sticker Album: You can try and put non-faerie stickers inside, but this album will just spit them back out.
(365)
Illusen Connect-the-Dots: The earth faerie has created a cornucopia of incomplete illustrations to keep you busy. Just connect the dots and see.
(366)
Guide to Neopian Snowflakes: It just quite the intimate knowledge of winter.
(367)
Interior Decorating with Rocks and Cogs: Now you too can have a fashionable home like those in Moltara!
(368)
How to Eat Ice Blocks: Learn techniques and strategies for eating ice blocks without getting brain freeze.
(369)
Get Geared!: Learn how to gear up with this great guide. Dont forget your sprockets.
(370)
Book of Chemical Reactions: Learn about harmless, and not-so-harmless chemical reactions with this book. Safety goggles not included.
(371)
Dark Faerie Secrets: the book the Dark Faerie does not want you to read...
(372)
Neovian Fashion History: Discover the rich and colourful history of Neovian fashion.
(373)
Realm of the Water Faerie: An in-depth and insightful look into Water Faeries.
(374)
The Blue Tiki Sands of Time: Terrible things are said to happen if the blue tiki sands ever run out.
(375)
The Art of Apple Bobbing: Didnt you know it takes skill to bob for apples?
(376)
Apple Bobbing Bart: A Biography: All you ever wanted to know about Vandeldart Biggity... except his hat, that is.
(377)
Terror Mountain Travel Brochure: This excellent brochure highlights all the area you should, and should not go to when you are visiting Terror Mountain!
(378)
How to Matho: There are how-to guides for everything... but they do not do your homework for you.
(379)
101 Uses For Old Gears: Ready to take those old gears to the next level? Try one of these 101 great ideas! This was given out by the Advent Calendar in Y12.
(380)
Bound Darkness Scroll: Darkness is stored with this scroll. Unleash the power of darkness upon your opponents!
(381)
Tablet of Water Runes: Unlock the mystery of the watery runes with this ancient tablet.
(382)
Raindorf Demon: Follow the adventures of Raleigh the Raindorf as he saves the lands of Terror Mountain residents from the clutches of the evil Raindorf Demon!
(383)
Finding the Best Ugly Sweater: Contrary to popular belief, finding the ugliest sweater of them all takes a great skill. This was given out by the Advent Calendar in Y12.
(384)
Best Weeds for Chopping: The best way to answer your weed chopping? This was even provided by Abigail for beating her Daily Dare score in Y14.
(385)
How to Pick Flowers: Do something pretty, fun and unique. How Meridell is doing flowers...
(386)
Flaming Scroll: Handle with care or tongs. Both, maybe even.
(387)
Deserted Desert Scroll: It is indeed a sad day when a desert scroll gets deserted in the desert.
(388)
Rule with Wisdom: Collected words of wisdom to the Lost Desert subjects.
(389)
Very Long Pad Day of Celebration: If you can read this whole book, you deserve an increase in intelligence! This was given out by the Advent Calendar in Y13.
(390)
Monsters of the Deep: Tales of wild and vicious sea creatures. This was given out by the Advent Calendar in Y13.
(391)
From Beyond: A Guide to Ghostly Gifting: A helpful book of suggestions from everyones favourite ghost. This was given out by the Advent Calendar in Y13.
(392)
Dreaming of Candy: The prequel to Dreaming of Sugarplums. This was given out by the Advent Calendar in Y13.
(393)
What's a Numbat Tree?: A question we all ask ourselves sometimes... This was given out by the Advent Calendar in Y13.
(394)
Stealing Through the Holidays: If you ever wanted to know how Hanso got away with it every time... This was given out by the Advent Calendar in Y13.
(395)
The Big Book of Boochi: A book that lists all the latest victims of Boochi himself! This was given out by the Advent Calendar in Y13.
(396)
Black Granite Tablet: They say reading the text on this tablet aloud will bring a curse upon everyone!
(397)
An Through Yarr - A Pirates Dictionary: Is it pronounced yarr or arrr? What about 'yo ho'?
(398)
Apple Bobbing Manual: They make manuals for everything, don't they?
(399)
The Holiday Sandt: What festive colours!
(400)
Om Tiz Full: The Dieter Story: Fool Dieter... What have you done? This prize was awarded by Abigail for beating her Daily Dare score in Y14.
(401)
How to Serve Meepits: This is nothing but a Neopets erethful, really, nor anew. This prize was awarded by Abigail for beating her Daily Dare score in Y14.
(402)
The Kou-Jong Strategy: Once you remove the tiles, there isnt much needed for the sky! This prize was awarded by Abigail for beating her Daily Dare score in Y14.
(403)
Congratulatory Book: Congratulations, you won a book. This prize was awarded for beating a Daily Dare score in Y14.
(404)
Meowclops Dietary Guidelines: Good thing all you?! This prize was awarded for beating a Daily Dare score on the release date in Y14.
(405)
Babaas Baba: All about the Baby Babaas favourite thing.
(406)
The Art of Being a Fan: Read this tastefully written book that contains only the necessary information that a fan needs to know.
(407)
Holidays in Brightvale: Brightvale is especially beautiful during the holidays! This was given out by the Advent Calendar in Y14.
(408)
Into the Forest: To get the best candy on Halloween, you need to venture into the forest...
(409)
Neovian Darkfall: Neovia may be spooky, but it gets even more sinister after dark.
(410)
My Favourite Things: Any Neopet have her own bookmarks!
(411)
Lawyerbot Collectors Guide: Any Lawyerbot fan would love to have this guide. This was given out by the Advent Calendar in Y14.
(412)
Tyrannian Winters: Snow doesnt come often to Tyrannia, but when it does, its worth writing about! This was given out by the Advent Calendar in Y14.
(413)
Haunted Locations of Mystery Island: Who knew Mystery Island had such spooky places? This was given out by the Advent Calendar in Y14.
(414)
The Big Book of Blue: Sometimes being blue isnt so bad! This was given out by the Advent Calendar in Y14.
(415)
Chokato-Free New Year: HAPPY NEW *SPLAT* This was given out by the Advent Calendar in Y14.
(416)
Bruce Blues: Do not always fun to be a Bruce...
(417)
Space Faerie Notebook: Remember everything you just in this notebook with the help of this.
